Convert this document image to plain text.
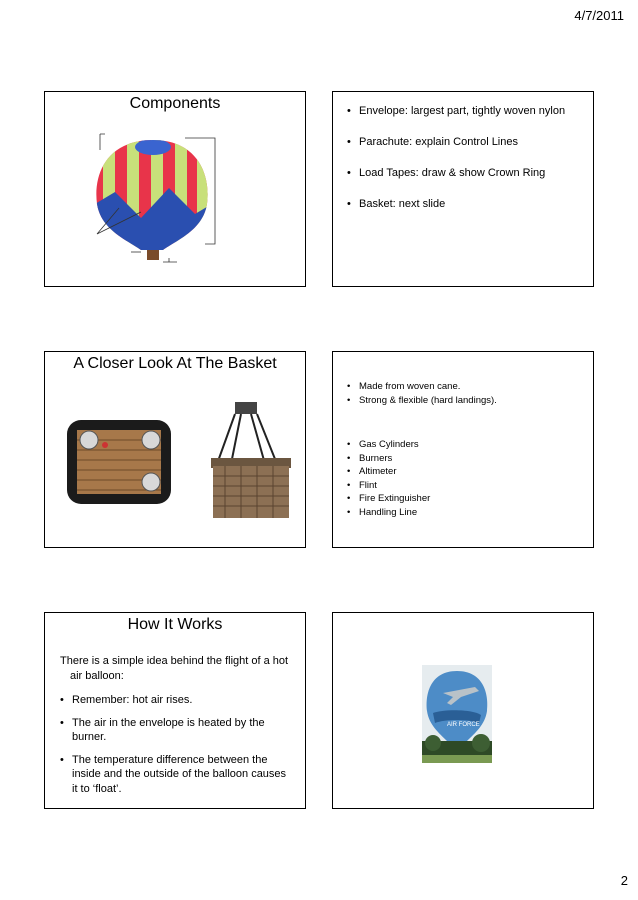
4/7/2011
Components
•	Envelope: largest part, tightly woven nylon
• Parachute: explain Control Lines
• Load Tapes: draw & show Crown Ring
• Basket: next slide
A Closer Look At The Basket
• Made from woven cane.
• Strong & flexible (hard landings).
• Gas Cylinders
• Burners
• Altimeter
• Flint
• Fire Extinguisher
• Handling Line
How It Works
There is a simple idea behind the flight of a hot air balloon:
• Remember: hot air rises.
• The air in the envelope is heated by the burner.
• The temperature difference between the inside and the outside of the balloon causes it to ‘float’.
AIR FORCE
2
